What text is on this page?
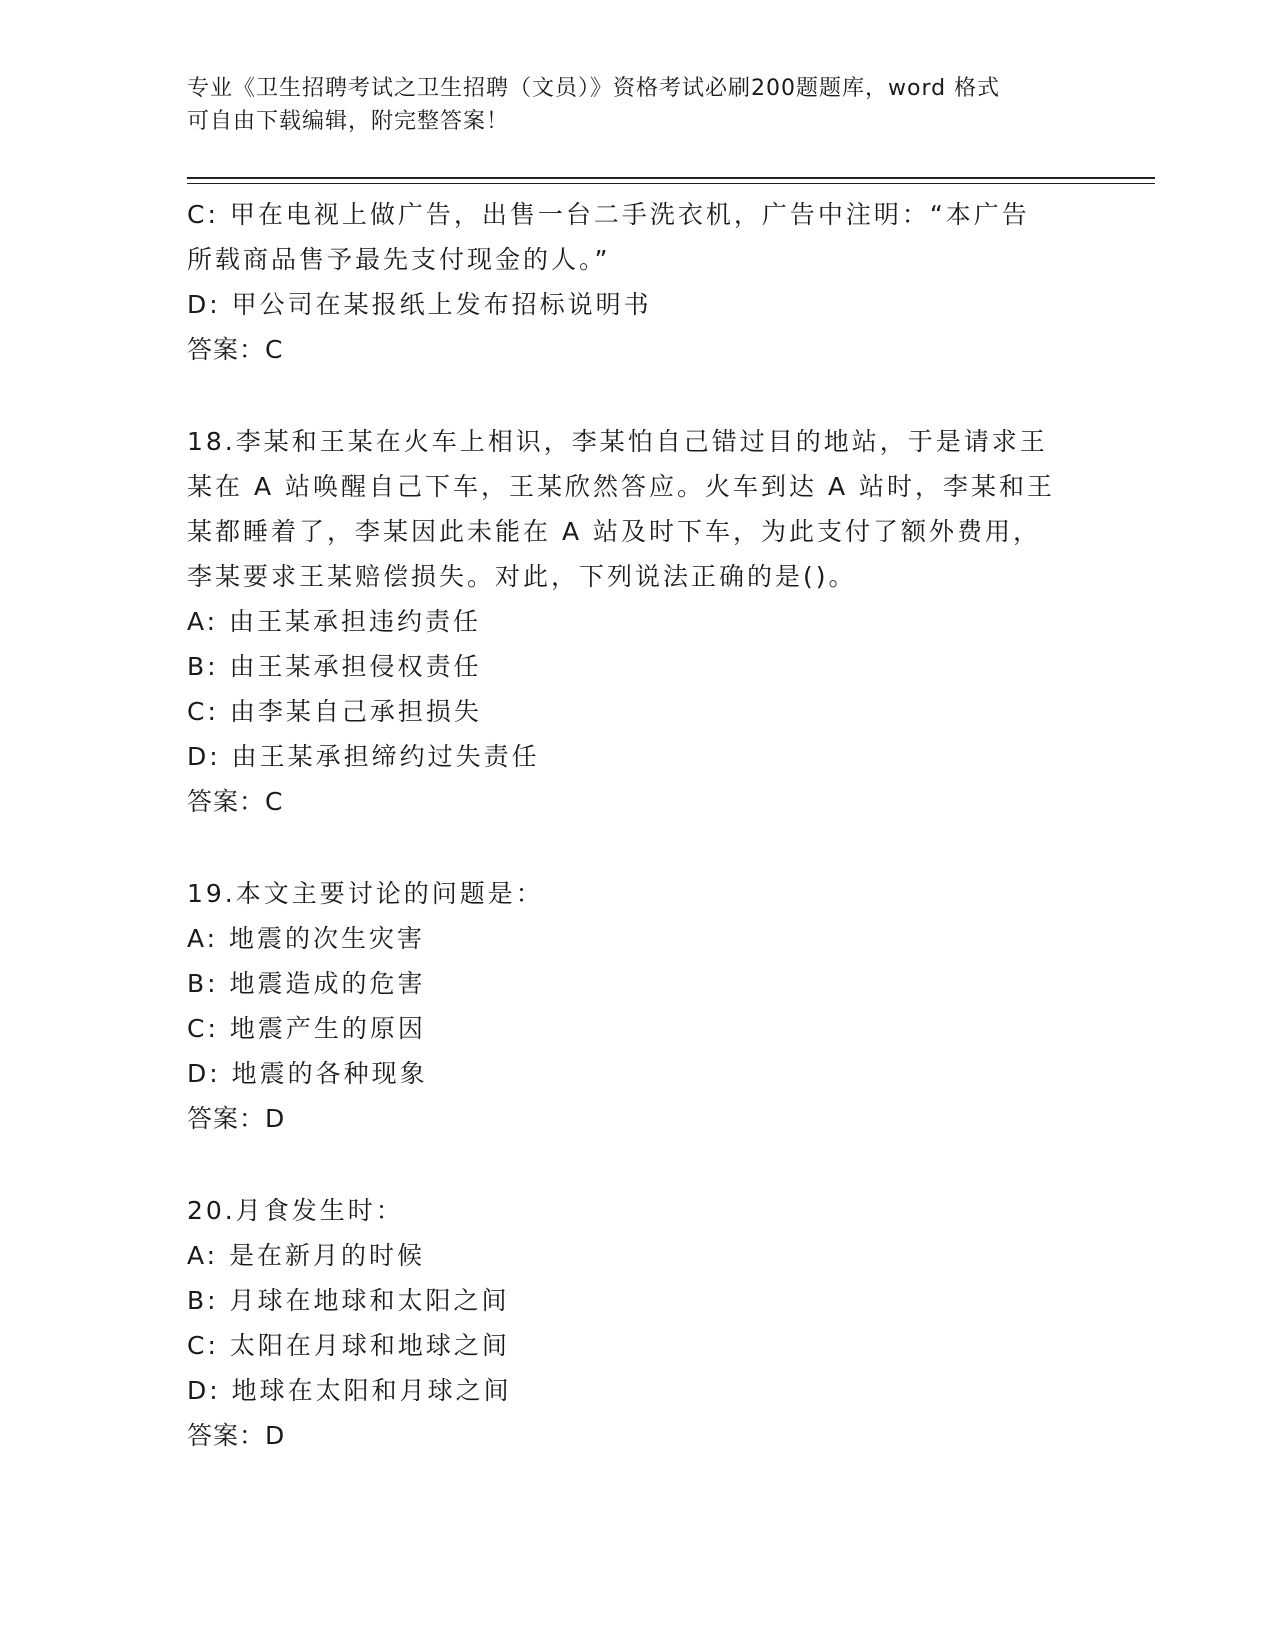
专业《卫生招聘考试之卫生招聘（文员）》资格考试必刷200题题库，word 格式
可自由下载编辑，附完整答案！

C: 甲在电视上做广告，出售一台二手洗衣机，广告中注明：“本广告

所载商品售予最先支付现金的人。”

D: 甲公司在某报纸上发布招标说明书

答案：C

18.李某和王某在火车上相识，李某怕自己错过目的地站，于是请求王

某在 A 站唤醒自己下车，王某欣然答应。火车到达 A 站时，李某和王

某都睡着了，李某因此未能在 A 站及时下车，为此支付了额外费用，

李某要求王某赔偿损失。对此，下列说法正确的是()。

A: 由王某承担违约责任

B: 由王某承担侵权责任

C: 由李某自己承担损失

D: 由王某承担缔约过失责任

答案：C

19.本文主要讨论的问题是：

A: 地震的次生灾害

B: 地震造成的危害

C: 地震产生的原因

D: 地震的各种现象

答案：D

20.月食发生时：

A: 是在新月的时候

B: 月球在地球和太阳之间

C: 太阳在月球和地球之间

D: 地球在太阳和月球之间

答案：D
